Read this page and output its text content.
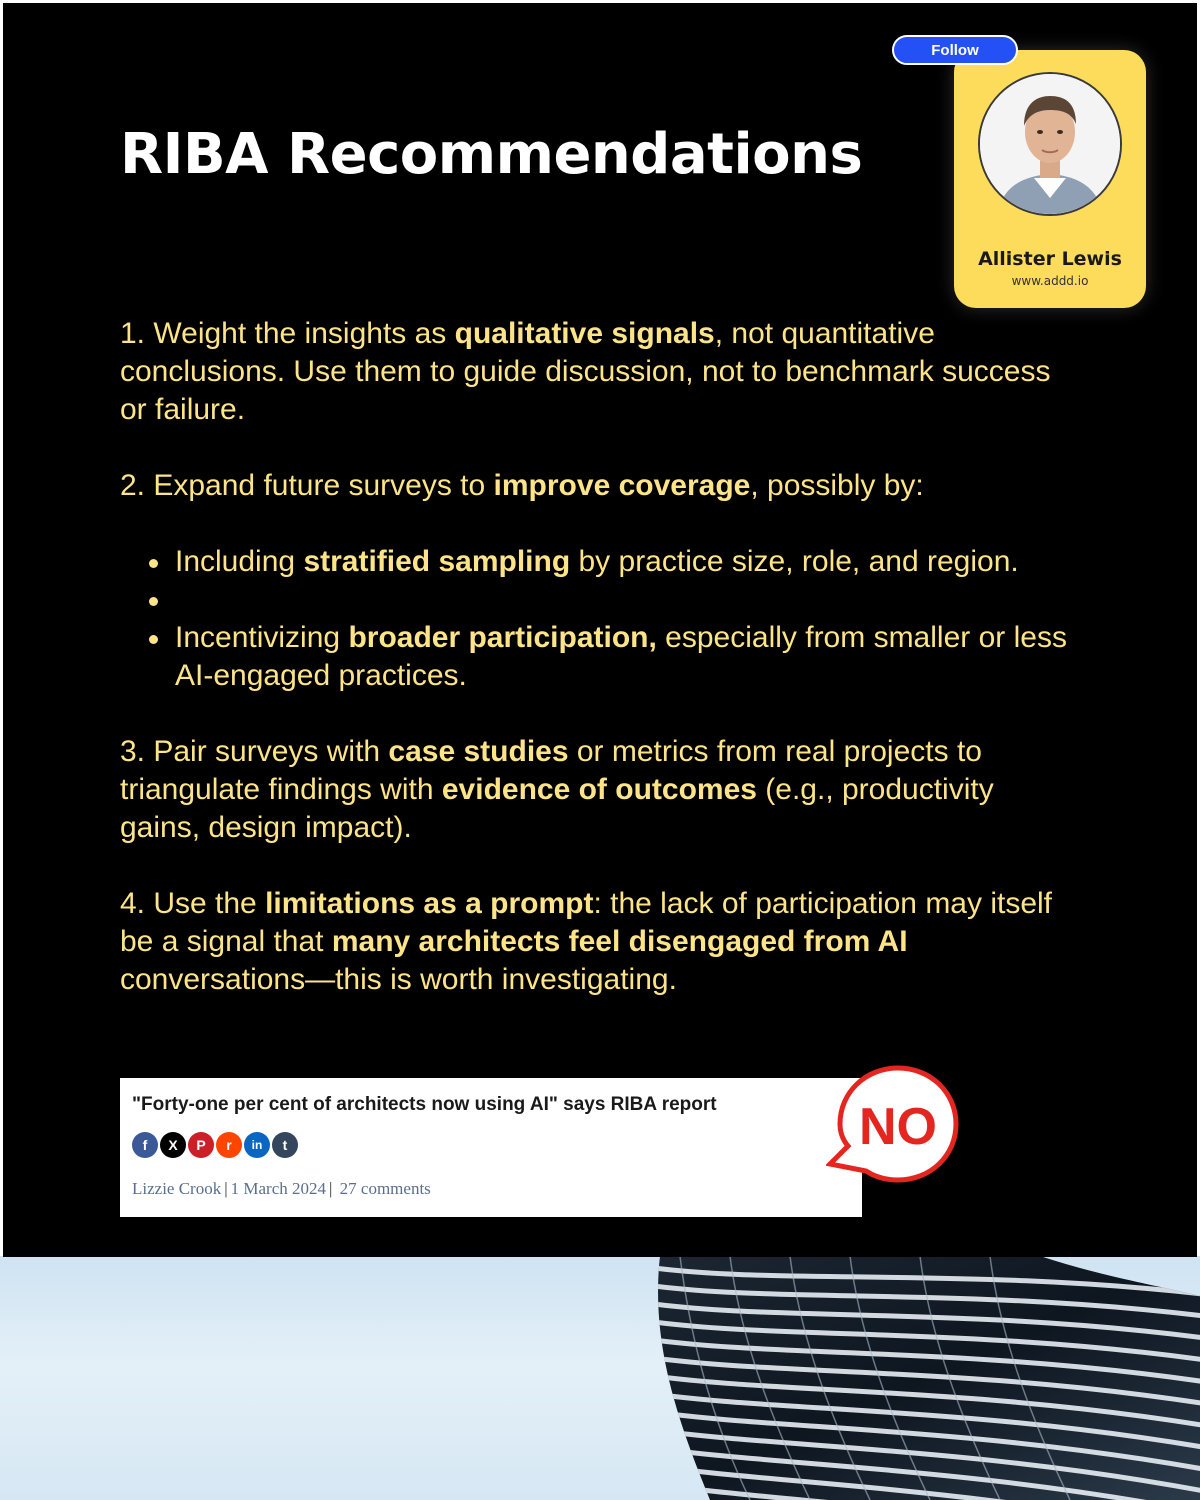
RIBA Recommendations
Allister Lewis
www.addd.io
Follow

1. Weight the insights as qualitative signals, not quantitative conclusions. Use them to guide discussion, not to benchmark success or failure.

2. Expand future surveys to improve coverage, possibly by:

Including stratified sampling by practice size, role, and region.
Incentivizing broader participation, especially from smaller or less AI-engaged practices.

3. Pair surveys with case studies or metrics from real projects to triangulate findings with evidence of outcomes (e.g., productivity gains, design impact).

4. Use the limitations as a prompt: the lack of participation may itself be a signal that many architects feel disengaged from AI conversations—this is worth investigating.

"Forty-one per cent of architects now using AI" says RIBA report
f	X	P	r	in	t
Lizzie Crook | 1 March 2024 | 27 comments
NO
